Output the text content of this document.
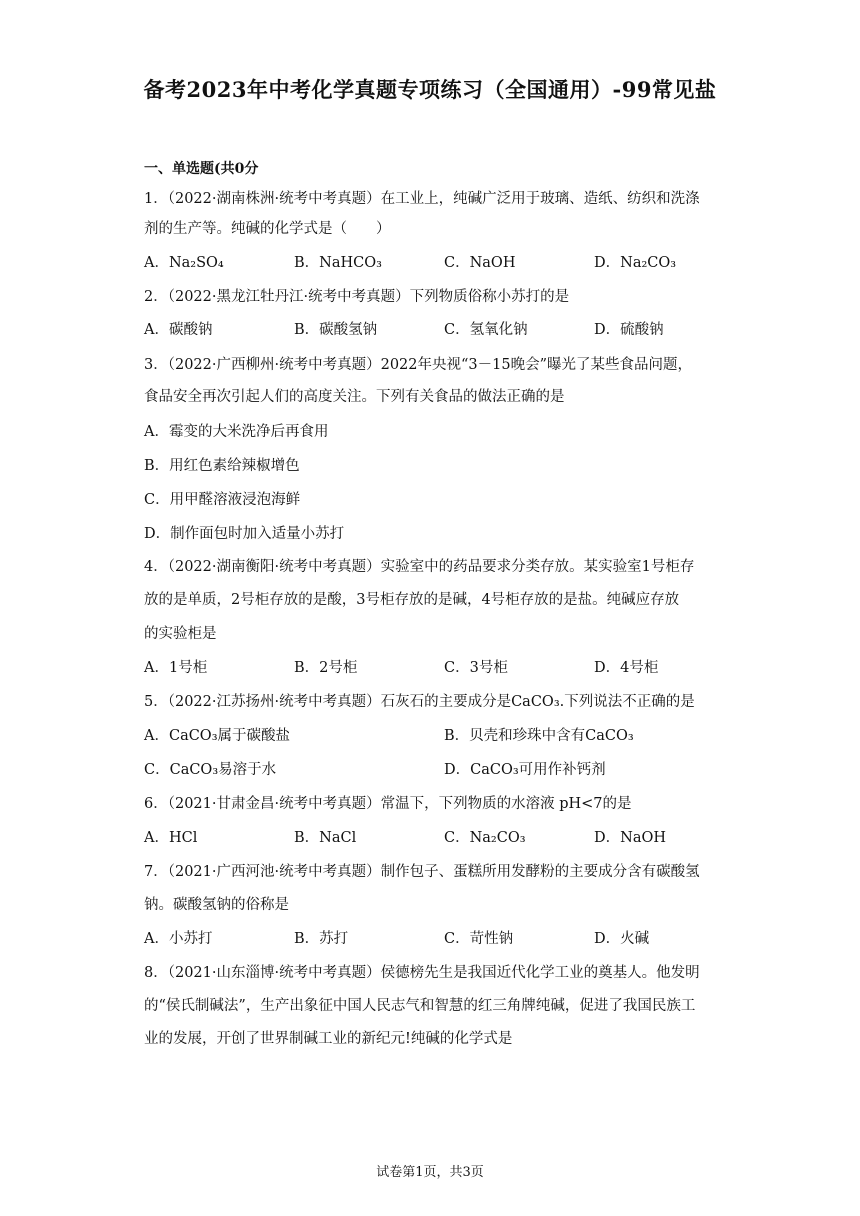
备考2023年中考化学真题专项练习（全国通用）-99常见盐
一、单选题(共0分
1．（2022·湖南株洲·统考中考真题）在工业上，纯碱广泛用于玻璃、造纸、纺织和洗涤
剂的生产等。纯碱的化学式是（　　）
A．Na₂SO₄	B．NaHCO₃	C．NaOH	D．Na₂CO₃
2．（2022·黑龙江牡丹江·统考中考真题）下列物质俗称小苏打的是
A．碳酸钠	B．碳酸氢钠	C．氢氧化钠	D．硫酸钠
3．（2022·广西柳州·统考中考真题）2022年央视“3－15晚会”曝光了某些食品问题，
食品安全再次引起人们的高度关注。下列有关食品的做法正确的是
A．霉变的大米洗净后再食用
B．用红色素给辣椒增色
C．用甲醛溶液浸泡海鲜
D．制作面包时加入适量小苏打
4．（2022·湖南衡阳·统考中考真题）实验室中的药品要求分类存放。某实验室1号柜存
放的是单质，2号柜存放的是酸，3号柜存放的是碱，4号柜存放的是盐。纯碱应存放
的实验柜是
A．1号柜	B．2号柜	C．3号柜	D．4号柜
5．（2022·江苏扬州·统考中考真题）石灰石的主要成分是CaCO₃.下列说法不正确的是
A．CaCO₃属于碳酸盐	B．贝壳和珍珠中含有CaCO₃
C．CaCO₃易溶于水	D．CaCO₃可用作补钙剂
6．（2021·甘肃金昌·统考中考真题）常温下，下列物质的水溶液 pH<7的是
A．HCl	B．NaCl	C．Na₂CO₃	D．NaOH
7．（2021·广西河池·统考中考真题）制作包子、蛋糕所用发酵粉的主要成分含有碳酸氢
钠。碳酸氢钠的俗称是
A．小苏打	B．苏打	C．苛性钠	D．火碱
8．（2021·山东淄博·统考中考真题）侯德榜先生是我国近代化学工业的奠基人。他发明
的“侯氏制碱法”，生产出象征中国人民志气和智慧的红三角牌纯碱，促进了我国民族工
业的发展，开创了世界制碱工业的新纪元!纯碱的化学式是
试卷第1页，共3页
